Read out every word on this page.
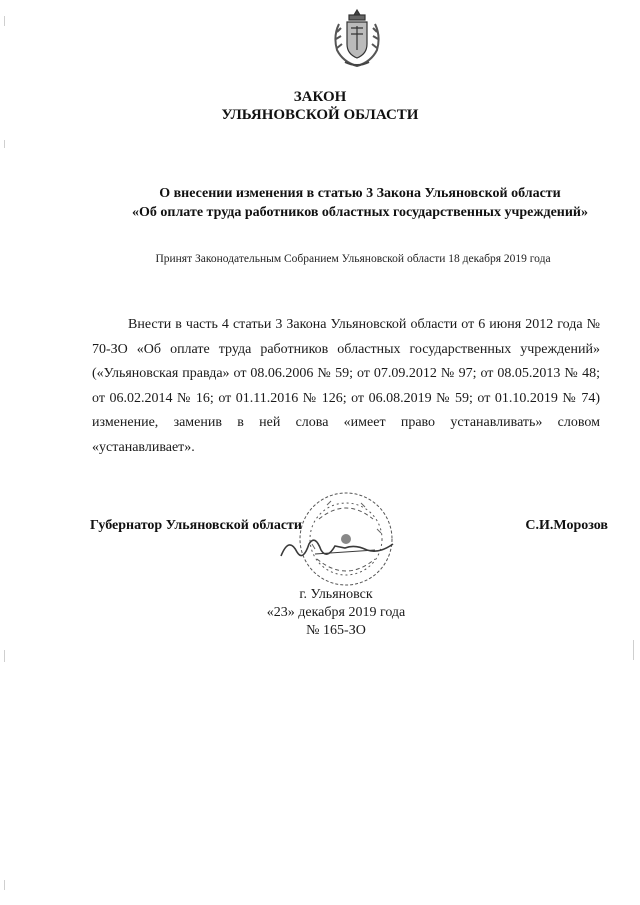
ЗАКОН
УЛЬЯНОВСКОЙ ОБЛАСТИ
О внесении изменения в статью 3 Закона Ульяновской области
«Об оплате труда работников областных государственных учреждений»

Принят Законодательным Собранием Ульяновской области 18 декабря 2019 года

Внести в часть 4 статьи 3 Закона Ульяновской области от 6 июня 2012 года № 70-ЗО «Об оплате труда работников областных государственных учреждений» («Ульяновская правда» от 08.06.2006 № 59; от 07.09.2012 № 97; от 08.05.2013 № 48; от 06.02.2014 № 16; от 01.11.2016 № 126; от 06.08.2019 № 59; от 01.10.2019 № 74) изменение, заменив в ней слова «имеет право устанавливать» словом «устанавливает».

Губернатор Ульяновской области	С.И.Морозов
г. Ульяновск
«23» декабря 2019 года
№ 165-ЗО
